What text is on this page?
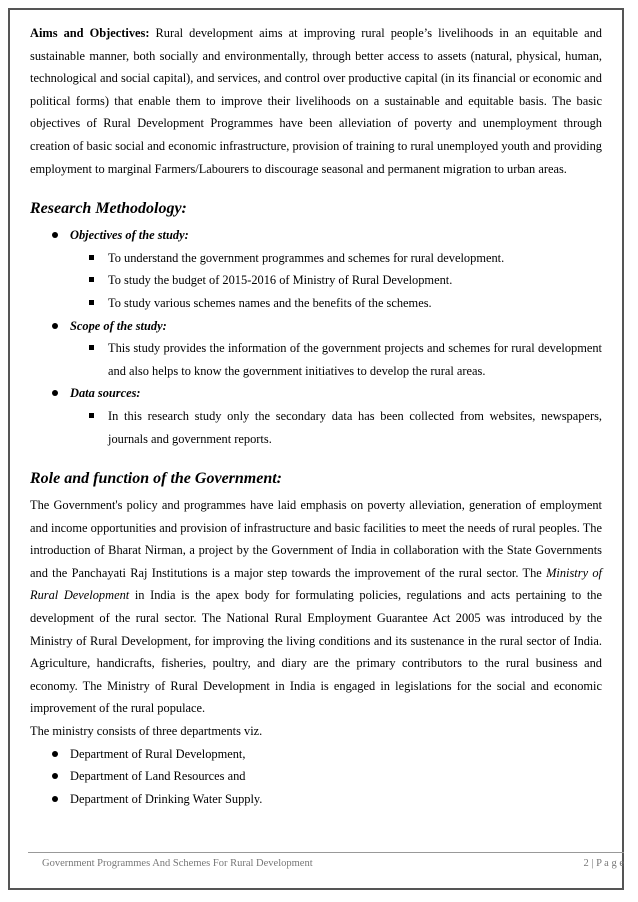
Aims and Objectives: Rural development aims at improving rural people’s livelihoods in an equitable and sustainable manner, both socially and environmentally, through better access to assets (natural, physical, human, technological and social capital), and services, and control over productive capital (in its financial or economic and political forms) that enable them to improve their livelihoods on a sustainable and equitable basis. The basic objectives of Rural Development Programmes have been alleviation of poverty and unemployment through creation of basic social and economic infrastructure, provision of training to rural unemployed youth and providing employment to marginal Farmers/Labourers to discourage seasonal and permanent migration to urban areas.

Research Methodology:
Objectives of the study:
To understand the government programmes and schemes for rural development.
To study the budget of 2015-2016 of Ministry of Rural Development.
To study various schemes names and the benefits of the schemes.
Scope of the study:
This study provides the information of the government projects and schemes for rural development and also helps to know the government initiatives to develop the rural areas.
Data sources:
In this research study only the secondary data has been collected from websites, newspapers, journals and government reports.
Role and function of the Government:

The Government's policy and programmes have laid emphasis on poverty alleviation, generation of employment and income opportunities and provision of infrastructure and basic facilities to meet the needs of rural peoples. The introduction of Bharat Nirman, a project by the Government of India in collaboration with the State Governments and the Panchayati Raj Institutions is a major step towards the improvement of the rural sector. The Ministry of Rural Development in India is the apex body for formulating policies, regulations and acts pertaining to the development of the rural sector. The National Rural Employment Guarantee Act 2005 was introduced by the Ministry of Rural Development, for improving the living conditions and its sustenance in the rural sector of India. Agriculture, handicrafts, fisheries, poultry, and diary are the primary contributors to the rural business and economy. The Ministry of Rural Development in India is engaged in legislations for the social and economic improvement of the rural populace.

The ministry consists of three departments viz.

Department of Rural Development,
Department of Land Resources and
Department of Drinking Water Supply.
Government Programmes And Schemes For Rural Development	2 | P a g e
